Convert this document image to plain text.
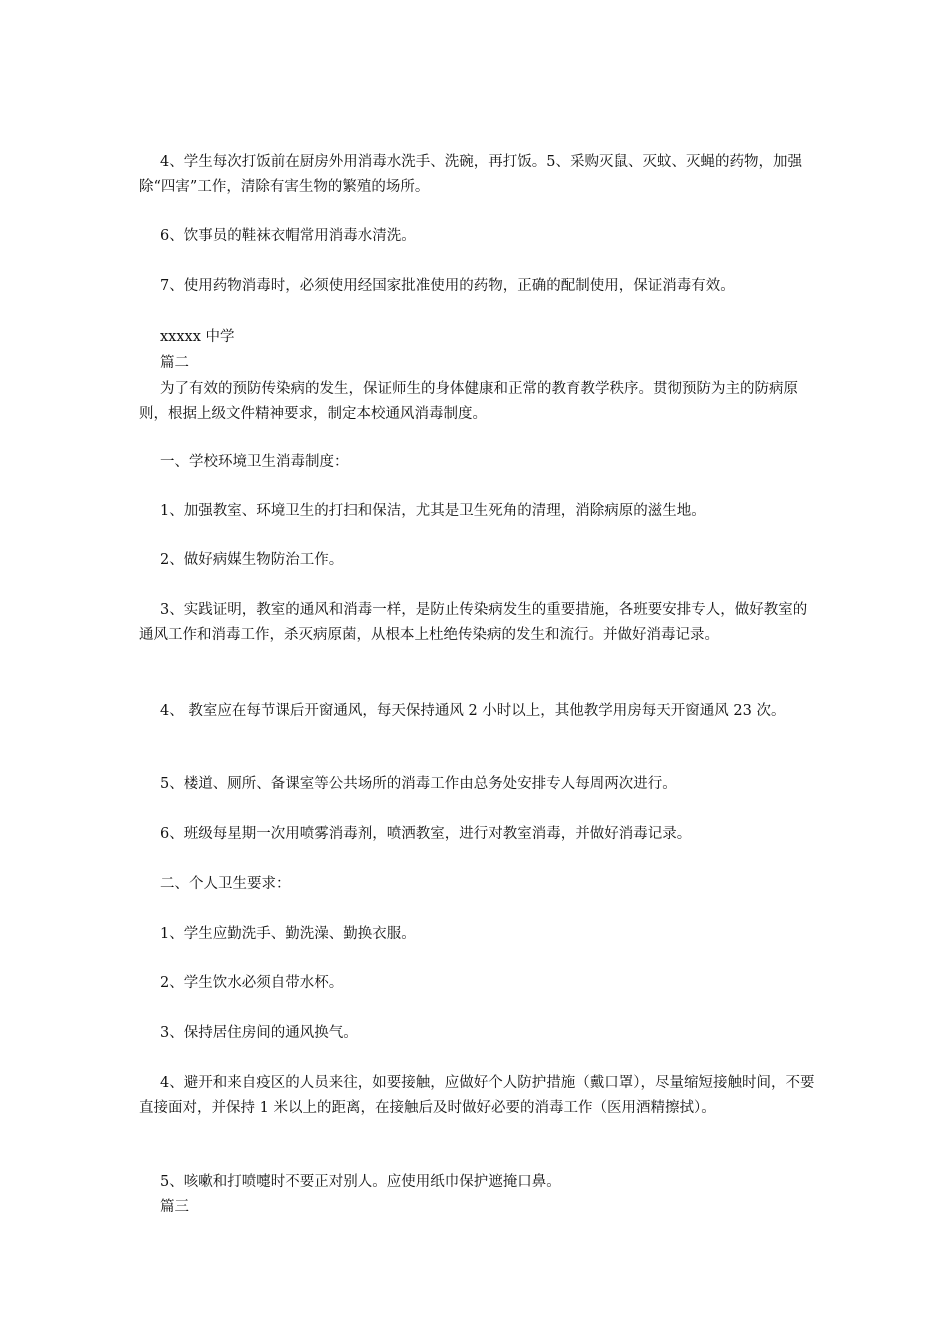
4、学生每次打饭前在厨房外用消毒水洗手、洗碗，再打饭。5、采购灭鼠、灭蚊、灭蝇的药物，加强除“四害”工作，清除有害生物的繁殖的场所。

6、饮事员的鞋袜衣帽常用消毒水清洗。

7、使用药物消毒时，必须使用经国家批准使用的药物，正确的配制使用，保证消毒有效。

xxxxx 中学

篇二

为了有效的预防传染病的发生，保证师生的身体健康和正常的教育教学秩序。贯彻预防为主的防病原则，根据上级文件精神要求，制定本校通风消毒制度。

一、学校环境卫生消毒制度：

1、加强教室、环境卫生的打扫和保洁，尤其是卫生死角的清理，消除病原的滋生地。

2、做好病媒生物防治工作。

3、实践证明，教室的通风和消毒一样，是防止传染病发生的重要措施，各班要安排专人，做好教室的通风工作和消毒工作，杀灭病原菌，从根本上杜绝传染病的发生和流行。并做好消毒记录。

4、 教室应在每节课后开窗通风，每天保持通风 2 小时以上，其他教学用房每天开窗通风 23 次。

5、楼道、厕所、备课室等公共场所的消毒工作由总务处安排专人每周两次进行。

6、班级每星期一次用喷雾消毒剂，喷洒教室，进行对教室消毒，并做好消毒记录。

二、个人卫生要求：

1、学生应勤洗手、勤洗澡、勤换衣服。

2、学生饮水必须自带水杯。

3、保持居住房间的通风换气。

4、避开和来自疫区的人员来往，如要接触，应做好个人防护措施（戴口罩），尽量缩短接触时间，不要直接面对，并保持 1 米以上的距离，在接触后及时做好必要的消毒工作（医用酒精擦拭）。

5、咳嗽和打喷嚏时不要正对别人。应使用纸巾保护遮掩口鼻。

篇三
